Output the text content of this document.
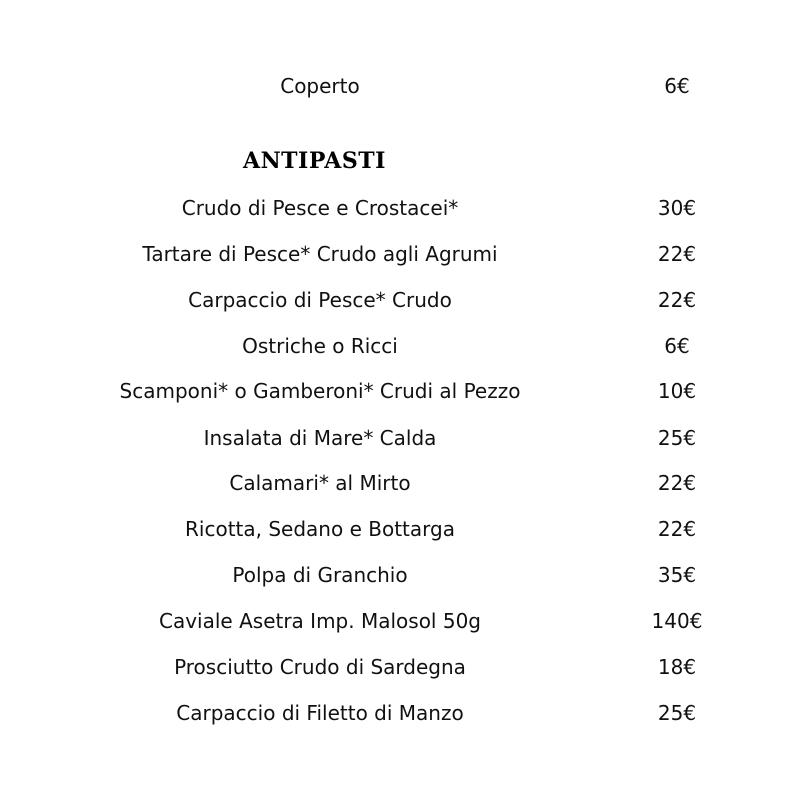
Coperto	6€
ANTIPASTI
Crudo di Pesce e Crostacei*	30€
Tartare di Pesce* Crudo agli Agrumi	22€
Carpaccio di Pesce* Crudo	22€
Ostriche o Ricci	6€
Scamponi* o Gamberoni* Crudi al Pezzo	10€
Insalata di Mare* Calda	25€
Calamari* al Mirto	22€
Ricotta, Sedano e Bottarga	22€
Polpa di Granchio	35€
Caviale Asetra Imp. Malosol 50g	140€
Prosciutto Crudo di Sardegna	18€
Carpaccio di Filetto di Manzo	25€
